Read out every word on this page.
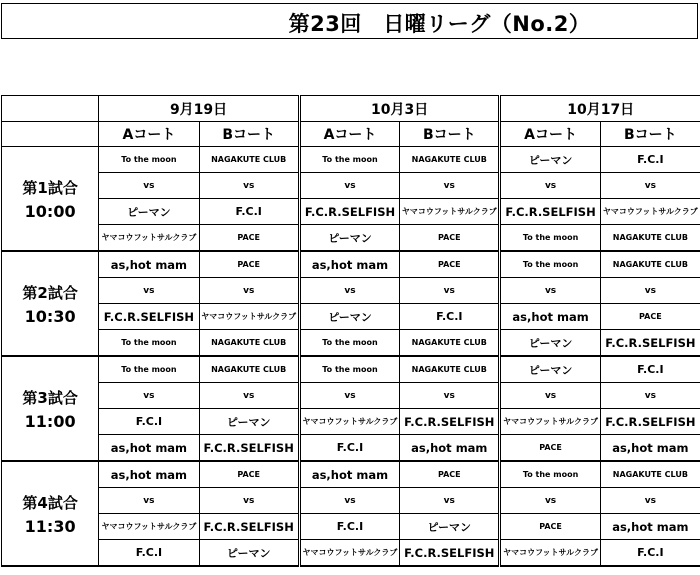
第23回　日曜リーグ（No.2）
	9月19日		10月3日		10月17日	
	Aコート	Bコート	Aコート	Bコート	Aコート	Bコート
第1試合

10:00	To the moon	NAGAKUTE CLUB	To the moon	NAGAKUTE CLUB	ピーマン	F.C.I
	vs	vs	vs	vs	vs	vs
	ピーマン	F.C.I	F.C.R.SELFISH	ヤマコウフットサルクラブ	F.C.R.SELFISH	ヤマコウフットサルクラブ
	ヤマコウフットサルクラブ	PACE	ピーマン	PACE	To the moon	NAGAKUTE CLUB
第2試合

10:30	as,hot mam	PACE	as,hot mam	PACE	To the moon	NAGAKUTE CLUB
	vs	vs	vs	vs	vs	vs
	F.C.R.SELFISH	ヤマコウフットサルクラブ	ピーマン	F.C.I	as,hot mam	PACE
	To the moon	NAGAKUTE CLUB	To the moon	NAGAKUTE CLUB	ピーマン	F.C.R.SELFISH
第3試合

11:00	To the moon	NAGAKUTE CLUB	To the moon	NAGAKUTE CLUB	ピーマン	F.C.I
	vs	vs	vs	vs	vs	vs
	F.C.I	ピーマン	ヤマコウフットサルクラブ	F.C.R.SELFISH	ヤマコウフットサルクラブ	F.C.R.SELFISH
	as,hot mam	F.C.R.SELFISH	F.C.I	as,hot mam	PACE	as,hot mam
第4試合

11:30	as,hot mam	PACE	as,hot mam	PACE	To the moon	NAGAKUTE CLUB
	vs	vs	vs	vs	vs	vs
	ヤマコウフットサルクラブ	F.C.R.SELFISH	F.C.I	ピーマン	PACE	as,hot mam
	F.C.I	ピーマン	ヤマコウフットサルクラブ	F.C.R.SELFISH	ヤマコウフットサルクラブ	F.C.I
